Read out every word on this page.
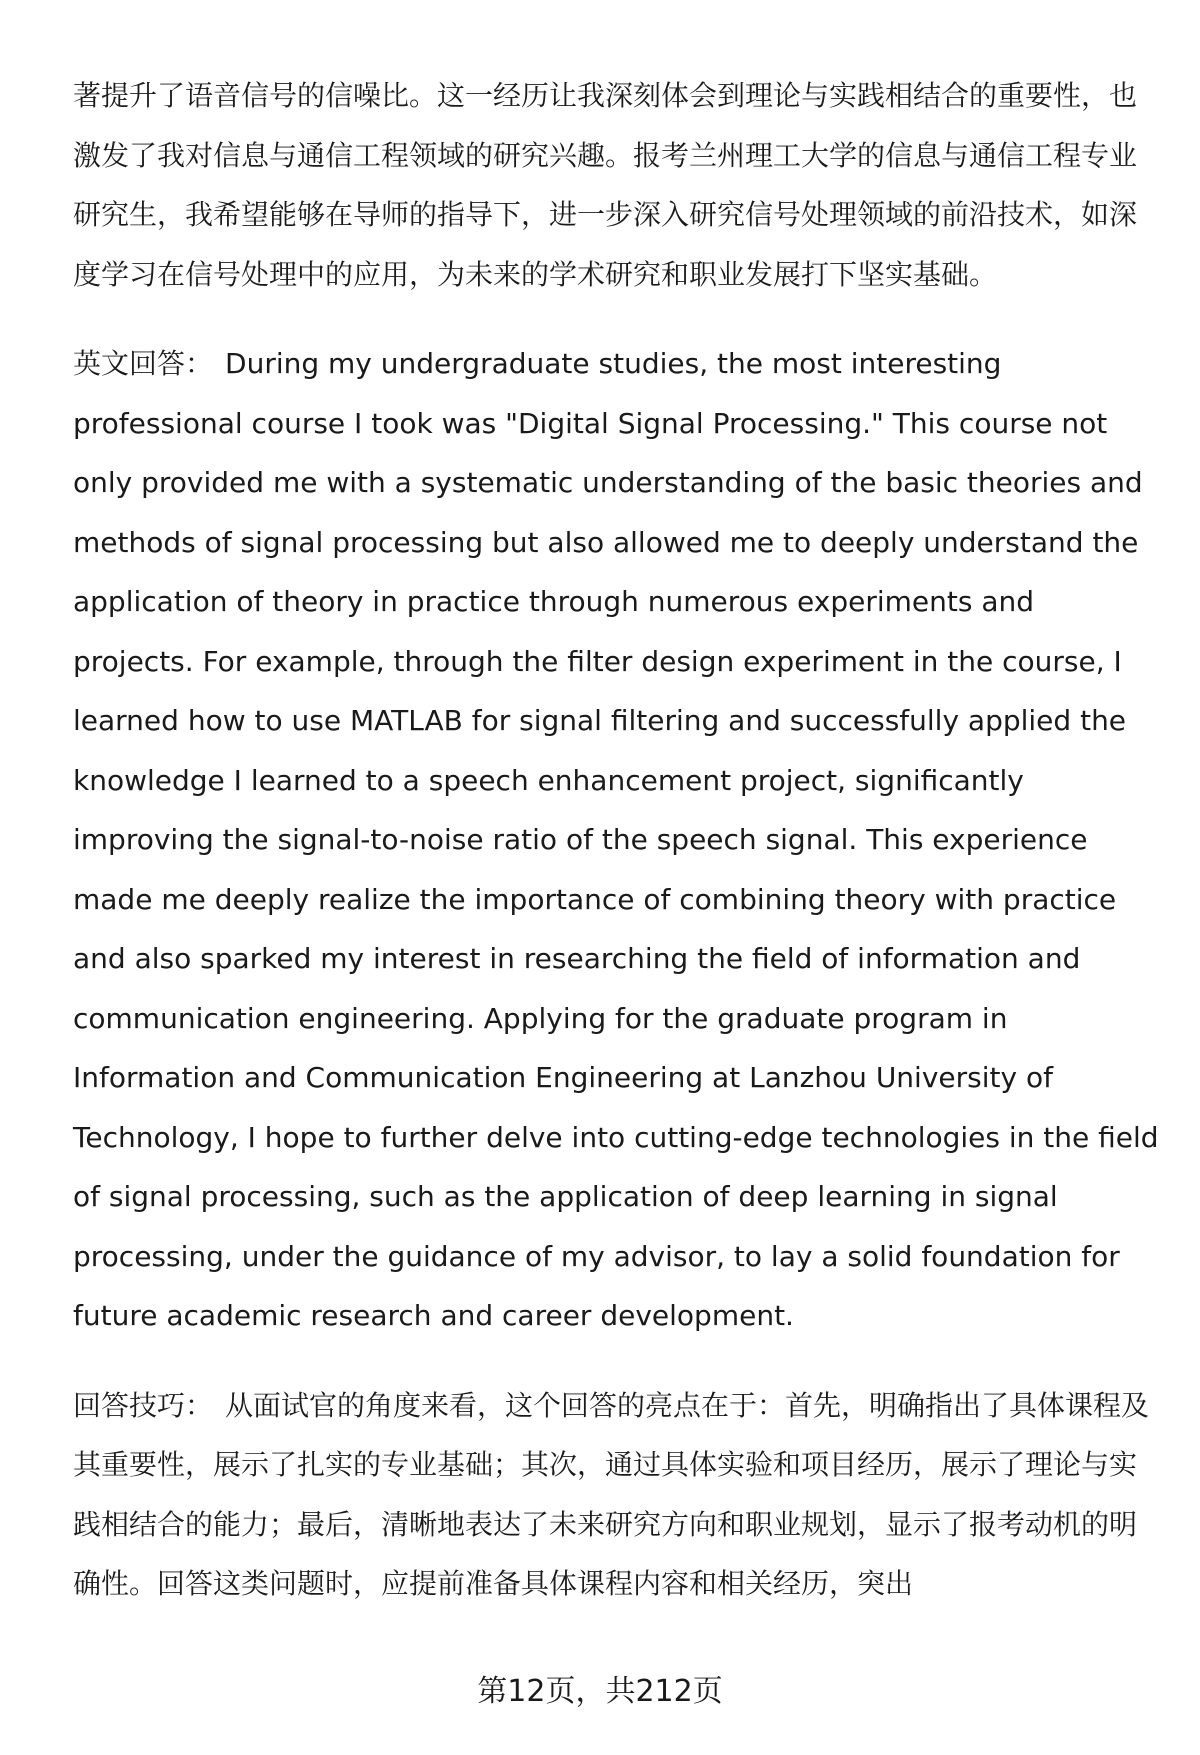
著提升了语音信号的信噪比。这一经历让我深刻体会到理论与实践相结合的重要性，也激发了我对信息与通信工程领域的研究兴趣。报考兰州理工大学的信息与通信工程专业研究生，我希望能够在导师的指导下，进一步深入研究信号处理领域的前沿技术，如深度学习在信号处理中的应用，为未来的学术研究和职业发展打下坚实基础。

英文回答： During my undergraduate studies, the most interesting professional course I took was "Digital Signal Processing." This course not only provided me with a systematic understanding of the basic theories and methods of signal processing but also allowed me to deeply understand the application of theory in practice through numerous experiments and projects. For example, through the filter design experiment in the course, I learned how to use MATLAB for signal filtering and successfully applied the knowledge I learned to a speech enhancement project, significantly improving the signal-to-noise ratio of the speech signal. This experience made me deeply realize the importance of combining theory with practice and also sparked my interest in researching the field of information and communication engineering. Applying for the graduate program in Information and Communication Engineering at Lanzhou University of Technology, I hope to further delve into cutting-edge technologies in the field of signal processing, such as the application of deep learning in signal processing, under the guidance of my advisor, to lay a solid foundation for future academic research and career development.

回答技巧： 从面试官的角度来看，这个回答的亮点在于：首先，明确指出了具体课程及其重要性，展示了扎实的专业基础；其次，通过具体实验和项目经历，展示了理论与实践相结合的能力；最后，清晰地表达了未来研究方向和职业规划，显示了报考动机的明确性。回答这类问题时，应提前准备具体课程内容和相关经历，突出

第12页，共212页
